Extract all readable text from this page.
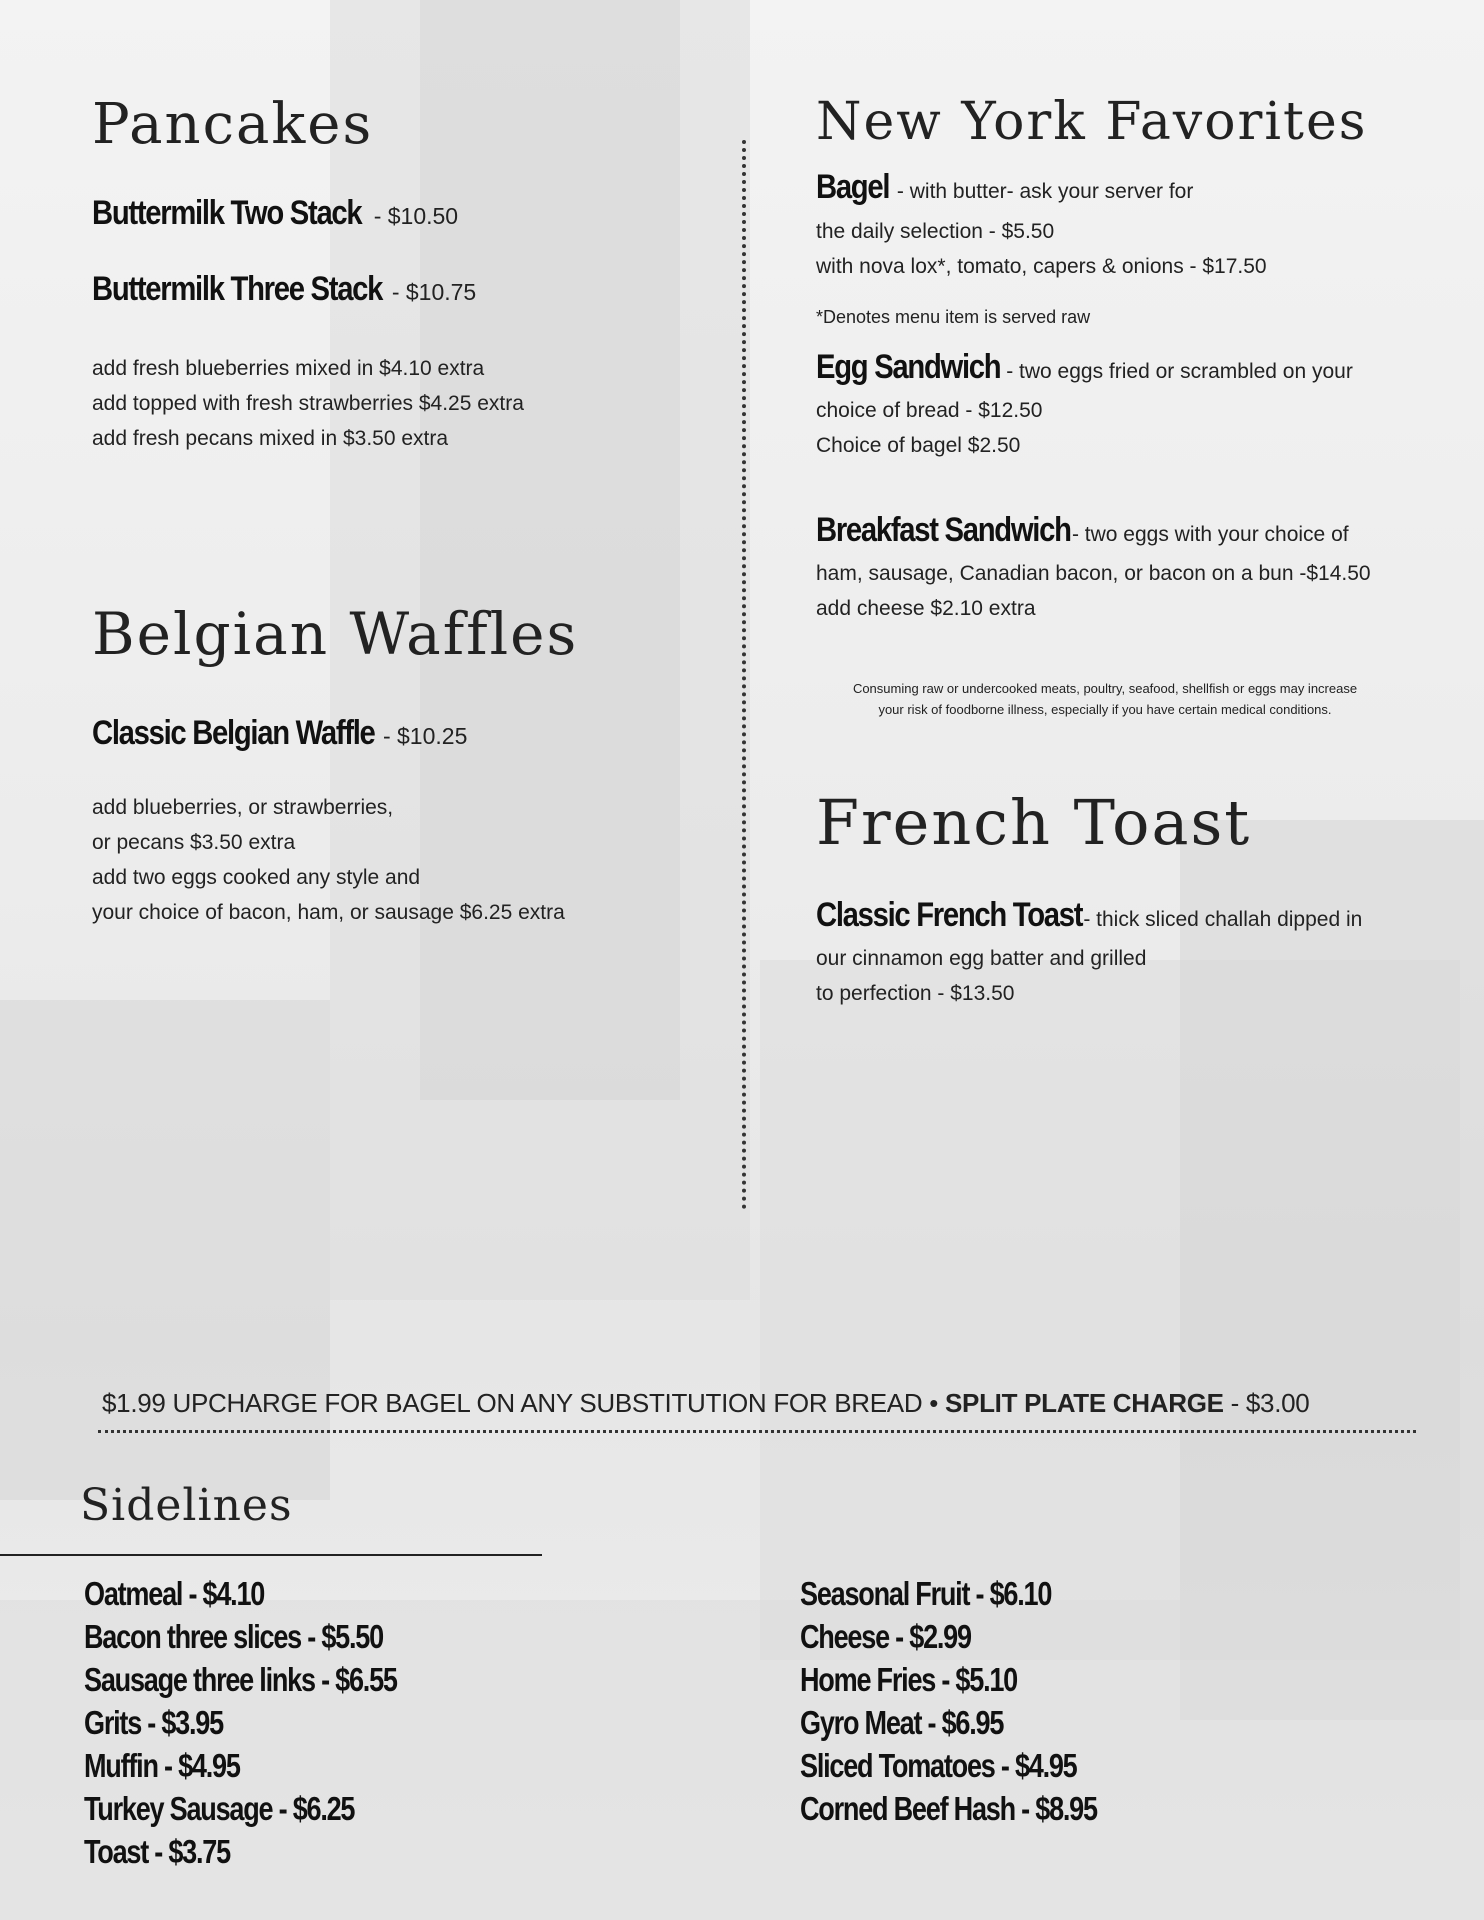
Pancakes

Buttermilk Two Stack - $10.50

Buttermilk Three Stack - $10.75

add fresh blueberries mixed in $4.10 extra

add topped with fresh strawberries $4.25 extra

add fresh pecans mixed in $3.50 extra

Belgian Waffles

Classic Belgian Waffle - $10.25

add blueberries, or strawberries,

or pecans $3.50 extra

add two eggs cooked any style and

your choice of bacon, ham, or sausage $6.25 extra

New York Favorites

Bagel - with butter- ask your server for

the daily selection - $5.50

with nova lox*, tomato, capers & onions - $17.50

*Denotes menu item is served raw

Egg Sandwich - two eggs fried or scrambled on your

choice of bread - $12.50

Choice of bagel $2.50

Breakfast Sandwich - two eggs with your choice of

ham, sausage, Canadian bacon, or bacon on a bun -$14.50

add cheese $2.10 extra

Consuming raw or undercooked meats, poultry, seafood, shellfish or eggs may increase

your risk of foodborne illness, especially if you have certain medical conditions.

French Toast

Classic French Toast - thick sliced challah dipped in

our cinnamon egg batter and grilled

to perfection - $13.50

$1.99 UPCHARGE FOR BAGEL ON ANY SUBSTITUTION FOR BREAD • SPLIT PLATE CHARGE - $3.00

Sidelines
Oatmeal - $4.10
Bacon three slices - $5.50
Sausage three links - $6.55
Grits - $3.95
Muffin - $4.95
Turkey Sausage - $6.25
Toast - $3.75
Seasonal Fruit - $6.10
Cheese - $2.99
Home Fries - $5.10
Gyro Meat - $6.95
Sliced Tomatoes - $4.95
Corned Beef Hash - $8.95
